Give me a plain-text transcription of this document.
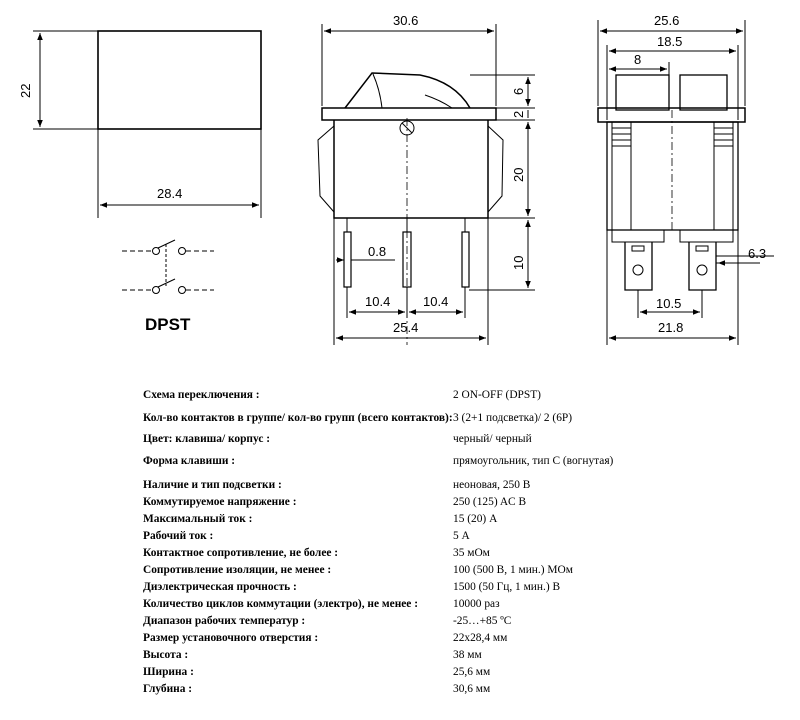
22
28.4
DPST
30.6
6
2
20
10
0.8
10.4	10.4
25.4
25.6
18.5
8
6.3
10.5
21.8
Схема переключения :	2 ON-OFF (DPST)
Кол-во контактов в группе/ кол-во групп (всего контактов): 3 (2+1 подсветка)/ 2 (6P)
Цвет: клавиша/ корпус :	черный/ черный
Форма клавиши :	прямоугольник, тип C (вогнутая)
Наличие и тип подсветки :	неоновая, 250 В
Коммутируемое напряжение :	250 (125) AC В
Максимальный ток :	15 (20) А
Рабочий ток :	5 А
Контактное сопротивление, не более :	35 мОм
Сопротивление изоляции, не менее :	100 (500 В, 1 мин.) МОм
Диэлектрическая прочность :	1500 (50 Гц, 1 мин.) В
Количество циклов коммутации (электро), не менее :	10000 раз
Диапазон рабочих температур :	-25…+85 ºC
Размер установочного отверстия :	22x28,4 мм
Высота :	38 мм
Ширина :	25,6 мм
Глубина :	30,6 мм
